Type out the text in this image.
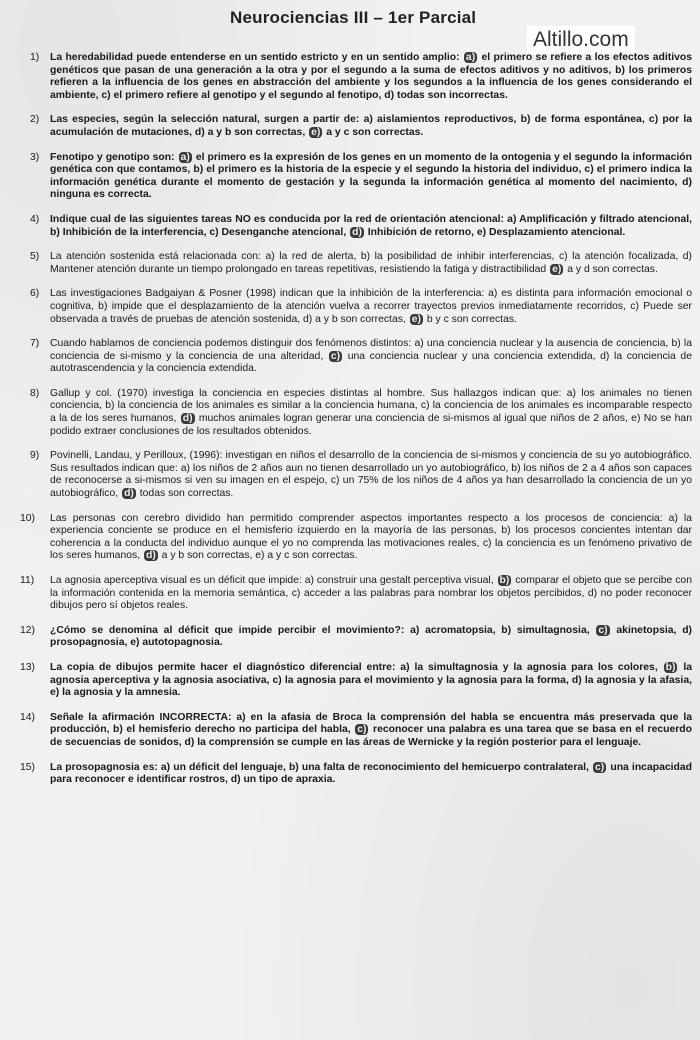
Neurociencias III – 1er Parcial
Altillo.com
1)	La heredabilidad puede entenderse en un sentido estricto y en un sentido amplio: a) el primero se refiere a los efectos aditivos genéticos que pasan de una generación a la otra y por el segundo a la suma de efectos aditivos y no aditivos, b) los primeros refieren a la influencia de los genes en abstracción del ambiente y los segundos a la influencia de los genes considerando el ambiente, c) el primero refiere al genotipo y el segundo al fenotipo, d) todas son incorrectas.
2)	Las especies, según la selección natural, surgen a partir de: a) aislamientos reproductivos, b) de forma espontánea, c) por la acumulación de mutaciones, d) a y b son correctas, e) a y c son correctas.
3)	Fenotipo y genotipo son: a) el primero es la expresión de los genes en un momento de la ontogenia y el segundo la información genética con que contamos, b) el primero es la historia de la especie y el segundo la historia del individuo, c) el primero indica la información genética durante el momento de gestación y la segunda la información genética al momento del nacimiento, d) ninguna es correcta.
4)	Indique cual de las siguientes tareas NO es conducida por la red de orientación atencional: a) Amplificación y filtrado atencional, b) Inhibición de la interferencia, c) Desenganche atencional, d) Inhibición de retorno, e) Desplazamiento atencional.
5)	La atención sostenida está relacionada con: a) la red de alerta, b) la posibilidad de inhibir interferencias, c) la atención focalizada, d) Mantener atención durante un tiempo prolongado en tareas repetitivas, resistiendo la fatiga y distractibilidad e) a y d son correctas.
6)	Las investigaciones Badgaiyan & Posner (1998) indican que la inhibición de la interferencia: a) es distinta para información emocional o cognitiva, b) impide que el desplazamiento de la atención vuelva a recorrer trayectos previos inmediatamente recorridos, c) Puede ser observada a través de pruebas de atención sostenida, d) a y b son correctas, e) b y c son correctas.
7)	Cuando hablamos de conciencia podemos distinguir dos fenómenos distintos: a) una conciencia nuclear y la ausencia de conciencia, b) la conciencia de si-mismo y la conciencia de una alteridad, c) una conciencia nuclear y una conciencia extendida, d) la conciencia de autotrascendencia y la conciencia extendida.
8)	Gallup y col. (1970) investiga la conciencia en especies distintas al hombre. Sus hallazgos indican que: a) los animales no tienen conciencia, b) la conciencia de los animales es similar a la conciencia humana, c) la conciencia de los animales es incomparable respecto a la de los seres humanos, d) muchos animales logran generar una conciencia de si-mismos al igual que niños de 2 años, e) No se han podido extraer conclusiones de los resultados obtenidos.
9)	Povinelli, Landau, y Perilloux, (1996): investigan en niños el desarrollo de la conciencia de si-mismos y conciencia de su yo autobiográfico. Sus resultados indican que: a) los niños de 2 años aun no tienen desarrollado un yo autobiográfico, b) los niños de 2 a 4 años son capaces de reconocerse a si-mismos si ven su imagen en el espejo, c) un 75% de los niños de 4 años ya han desarrollado la conciencia de un yo autobiográfico, d) todas son correctas.
10)	Las personas con cerebro dividido han permitido comprender aspectos importantes respecto a los procesos de conciencia: a) la experiencia conciente se produce en el hemisferio izquierdo en la mayoría de las personas, b) los procesos concientes intentan dar coherencia a la conducta del individuo aunque el yo no comprenda las motivaciones reales, c) la conciencia es un fenómeno privativo de los seres humanos, d) a y b son correctas, e) a y c son correctas.
11)	La agnosia aperceptiva visual es un déficit que impide: a) construir una gestalt perceptiva visual, b) comparar el objeto que se percibe con la información contenida en la memoria semántica, c) acceder a las palabras para nombrar los objetos percibidos, d) no poder reconocer dibujos pero sí objetos reales.
12)	¿Cómo se denomina al déficit que impide percibir el movimiento?: a) acromatopsia, b) simultagnosia, c) akinetopsia, d) prosopagnosia, e) autotopagnosia.
13)	La copia de dibujos permite hacer el diagnóstico diferencial entre: a) la simultagnosia y la agnosia para los colores, b) la agnosia aperceptiva y la agnosia asociativa, c) la agnosia para el movimiento y la agnosia para la forma, d) la agnosia y la afasia, e) la agnosia y la amnesia.
14)	Señale la afirmación INCORRECTA: a) en la afasia de Broca la comprensión del habla se encuentra más preservada que la producción, b) el hemisferio derecho no participa del habla, c) reconocer una palabra es una tarea que se basa en el recuerdo de secuencias de sonidos, d) la comprensión se cumple en las áreas de Wernicke y la región posterior para el lenguaje.
15)	La prosopagnosia es: a) un déficit del lenguaje, b) una falta de reconocimiento del hemicuerpo contralateral, c) una incapacidad para reconocer e identificar rostros, d) un tipo de apraxia.
